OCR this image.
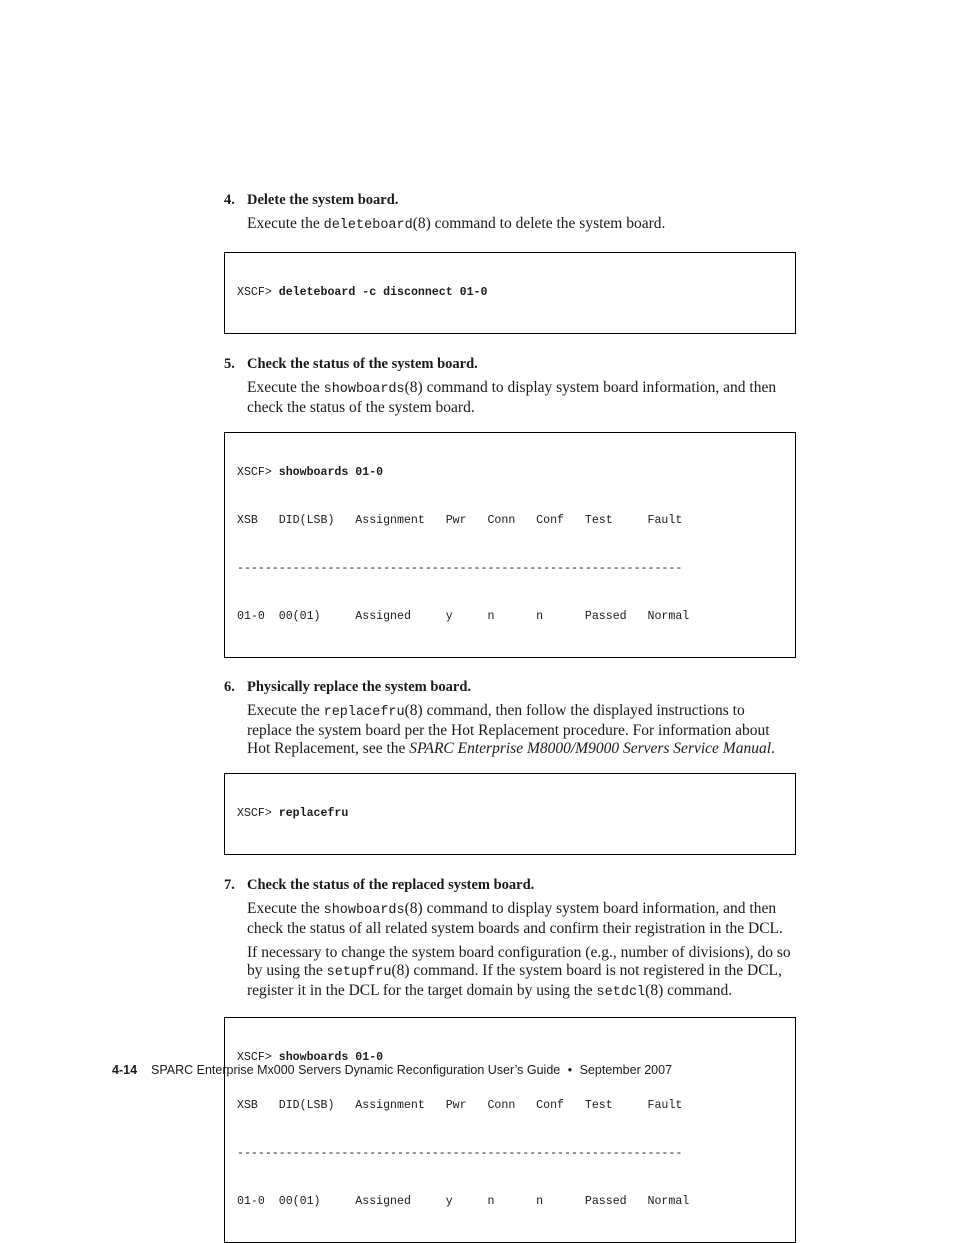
4. Delete the system board.
Execute the deleteboard(8) command to delete the system board.

XSCF> deleteboard -c disconnect 01-0

5. Check the status of the system board.
Execute the showboards(8) command to display system board information, and then check the status of the system board.

XSCF> showboards 01-0

XSB   DID(LSB)   Assignment   Pwr   Conn   Conf   Test     Fault

----------------------------------------------------------------

01-0  00(01)     Assigned     y     n      n      Passed   Normal

6. Physically replace the system board.
Execute the replacefru(8) command, then follow the displayed instructions to replace the system board per the Hot Replacement procedure. For information about Hot Replacement, see the SPARC Enterprise M8000/M9000 Servers Service Manual.

XSCF> replacefru

7. Check the status of the replaced system board.
Execute the showboards(8) command to display system board information, and then check the status of all related system boards and confirm their registration in the DCL.
If necessary to change the system board configuration (e.g., number of divisions), do so by using the setupfru(8) command. If the system board is not registered in the DCL, register it in the DCL for the target domain by using the setdcl(8) command.

XSCF> showboards 01-0

XSB   DID(LSB)   Assignment   Pwr   Conn   Conf   Test     Fault

----------------------------------------------------------------

01-0  00(01)     Assigned     y     n      n      Passed   Normal

4-14 SPARC Enterprise Mx000 Servers Dynamic Reconfiguration User’s Guide • September 2007
